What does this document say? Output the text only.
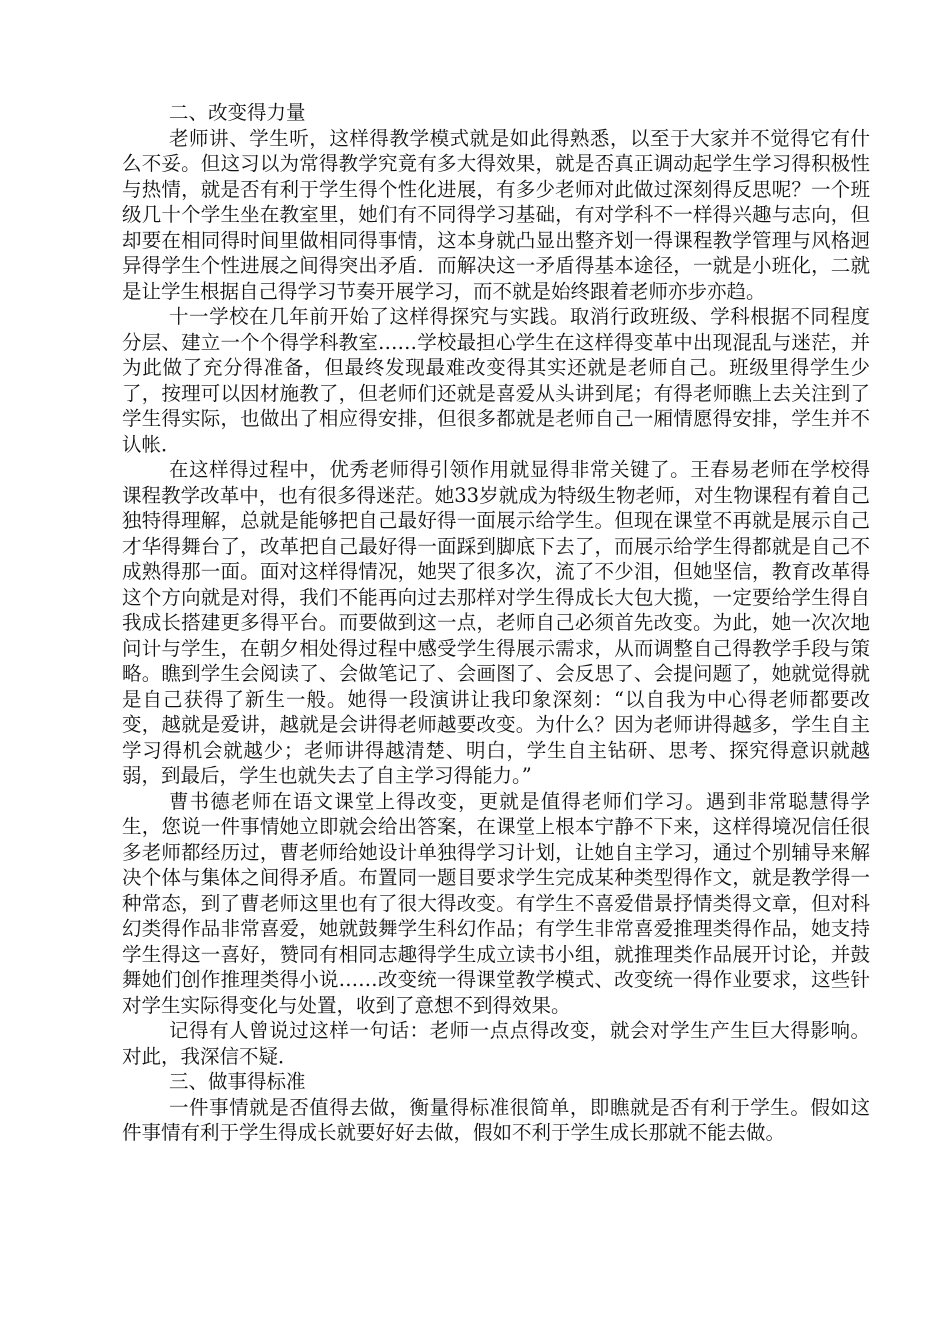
二、改变得力量

老师讲、学生听，这样得教学模式就是如此得熟悉，以至于大家并不觉得它有什么不妥。但这习以为常得教学究竟有多大得效果，就是否真正调动起学生学习得积极性与热情，就是否有利于学生得个性化进展，有多少老师对此做过深刻得反思呢？一个班级几十个学生坐在教室里，她们有不同得学习基础，有对学科不一样得兴趣与志向，但却要在相同得时间里做相同得事情，这本身就凸显出整齐划一得课程教学管理与风格迥异得学生个性进展之间得突出矛盾．而解决这一矛盾得基本途径，一就是小班化，二就是让学生根据自己得学习节奏开展学习，而不就是始终跟着老师亦步亦趋。

十一学校在几年前开始了这样得探究与实践。取消行政班级、学科根据不同程度分层、建立一个个得学科教室……学校最担心学生在这样得变革中出现混乱与迷茫，并为此做了充分得准备，但最终发现最难改变得其实还就是老师自己。班级里得学生少了，按理可以因材施教了，但老师们还就是喜爱从头讲到尾；有得老师瞧上去关注到了学生得实际，也做出了相应得安排，但很多都就是老师自己一厢情愿得安排，学生并不认帐．

在这样得过程中，优秀老师得引领作用就显得非常关键了。王春易老师在学校得课程教学改革中，也有很多得迷茫。她33岁就成为特级生物老师，对生物课程有着自己独特得理解，总就是能够把自己最好得一面展示给学生。但现在课堂不再就是展示自己才华得舞台了，改革把自己最好得一面踩到脚底下去了，而展示给学生得都就是自己不成熟得那一面。面对这样得情况，她哭了很多次，流了不少泪，但她坚信，教育改革得这个方向就是对得，我们不能再向过去那样对学生得成长大包大揽，一定要给学生得自我成长搭建更多得平台。而要做到这一点，老师自己必须首先改变。为此，她一次次地问计与学生，在朝夕相处得过程中感受学生得展示需求，从而调整自己得教学手段与策略。瞧到学生会阅读了、会做笔记了、会画图了、会反思了、会提问题了，她就觉得就是自己获得了新生一般。她得一段演讲让我印象深刻：“以自我为中心得老师都要改变，越就是爱讲，越就是会讲得老师越要改变。为什么？因为老师讲得越多，学生自主学习得机会就越少；老师讲得越清楚、明白，学生自主钻研、思考、探究得意识就越弱，到最后，学生也就失去了自主学习得能力。”

曹书德老师在语文课堂上得改变，更就是值得老师们学习。遇到非常聪慧得学生，您说一件事情她立即就会给出答案，在课堂上根本宁静不下来，这样得境况信任很多老师都经历过，曹老师给她设计单独得学习计划，让她自主学习，通过个别辅导来解决个体与集体之间得矛盾。布置同一题目要求学生完成某种类型得作文，就是教学得一种常态，到了曹老师这里也有了很大得改变。有学生不喜爱借景抒情类得文章，但对科幻类得作品非常喜爱，她就鼓舞学生科幻作品；有学生非常喜爱推理类得作品，她支持学生得这一喜好，赞同有相同志趣得学生成立读书小组，就推理类作品展开讨论，并鼓舞她们创作推理类得小说……改变统一得课堂教学模式、改变统一得作业要求，这些针对学生实际得变化与处置，收到了意想不到得效果。

记得有人曾说过这样一句话：老师一点点得改变，就会对学生产生巨大得影响。对此，我深信不疑．

三、做事得标准

一件事情就是否值得去做，衡量得标准很简单，即瞧就是否有利于学生。假如这件事情有利于学生得成长就要好好去做，假如不利于学生成长那就不能去做。
